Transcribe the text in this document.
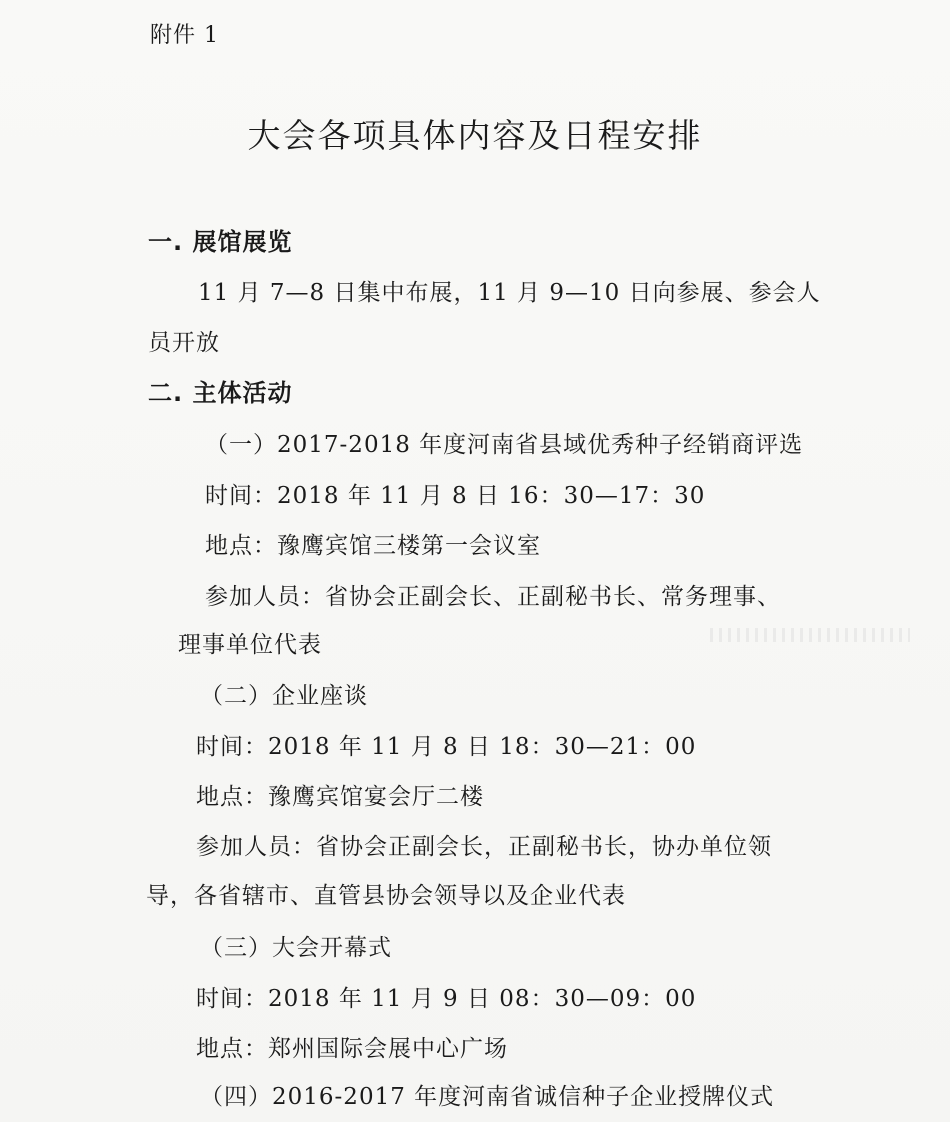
附件 1
大会各项具体内容及日程安排
一. 展馆展览
11 月 7—8 日集中布展，11 月 9—10 日向参展、参会人
员开放
二. 主体活动
（一）2017-2018 年度河南省县域优秀种子经销商评选
时间：2018 年 11 月 8 日 16：30—17：30
地点：豫鹰宾馆三楼第一会议室
参加人员：省协会正副会长、正副秘书长、常务理事、
理事单位代表
（二）企业座谈
时间：2018 年 11 月 8 日 18：30—21：00
地点：豫鹰宾馆宴会厅二楼
参加人员：省协会正副会长，正副秘书长，协办单位领
导，各省辖市、直管县协会领导以及企业代表
（三）大会开幕式
时间：2018 年 11 月 9 日 08：30—09：00
地点：郑州国际会展中心广场
（四）2016-2017 年度河南省诚信种子企业授牌仪式
